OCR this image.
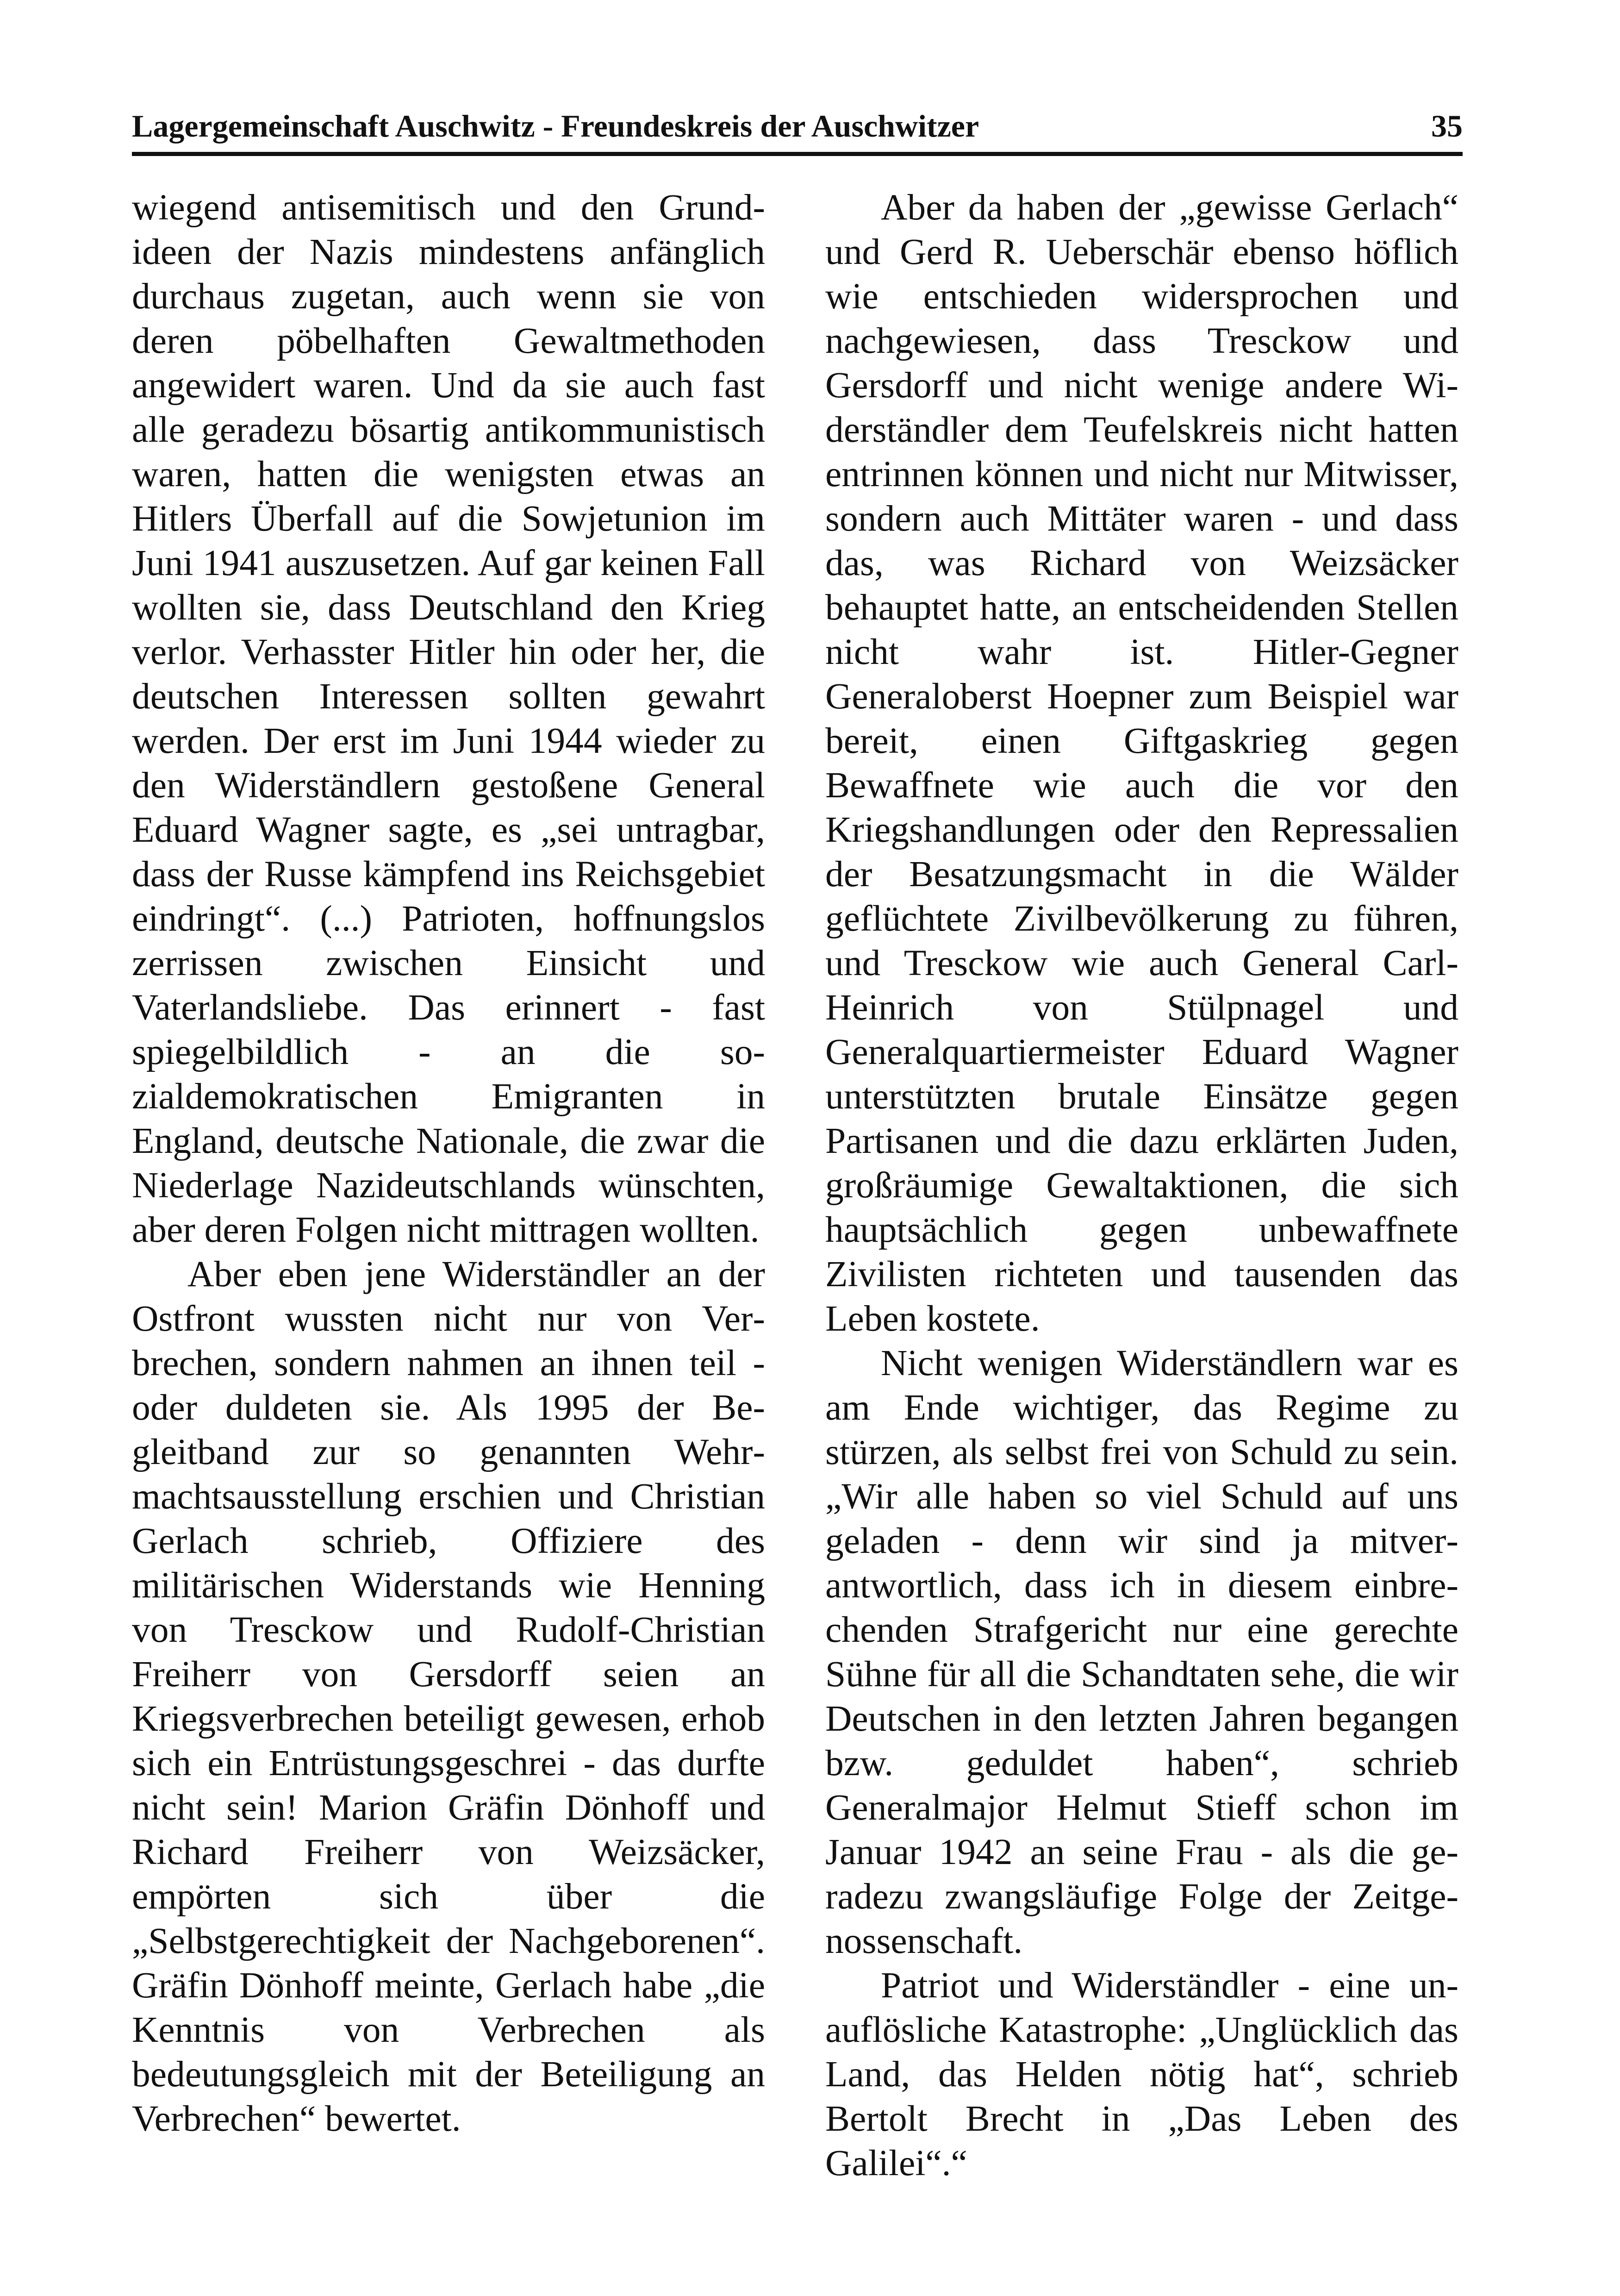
Lagergemeinschaft Auschwitz - Freundeskreis der Auschwitzer	35

wiegend antisemitisch und den Grundideen der Nazis mindestens anfänglich durchaus zugetan, auch wenn sie von deren pöbelhaften Gewaltmethoden angewidert waren. Und da sie auch fast alle geradezu bösartig antikommunistisch waren, hatten die wenigsten etwas an Hitlers Überfall auf die Sowjetunion im Juni 1941 auszusetzen. Auf gar keinen Fall wollten sie, dass Deutschland den Krieg verlor. Verhasster Hitler hin oder her, die deutschen Interessen sollten gewahrt werden. Der erst im Juni 1944 wieder zu den Widerständlern gestoßene General Eduard Wagner sagte, es „sei untragbar, dass der Russe kämpfend ins Reichsgebiet eindringt“. (...) Patrioten, hoffnungslos zerrissen zwischen Einsicht und Vaterlandsliebe. Das erinnert - fast spiegelbildlich - an die sozialdemokratischen Emigranten in England, deutsche Nationale, die zwar die Niederlage Nazideutschlands wünschten, aber deren Folgen nicht mittragen wollten.

Aber eben jene Widerständler an der Ostfront wussten nicht nur von Verbrechen, sondern nahmen an ihnen teil - oder duldeten sie. Als 1995 der Begleitband zur so genannten Wehrmachtsausstellung erschien und Christian Gerlach schrieb, Offiziere des militärischen Widerstands wie Henning von Tresckow und Rudolf-Christian Freiherr von Gersdorff seien an Kriegsverbrechen beteiligt gewesen, erhob sich ein Entrüstungsgeschrei - das durfte nicht sein! Marion Gräfin Dönhoff und Richard Freiherr von Weizsäcker, empörten sich über die „Selbstgerechtigkeit der Nachgeborenen“. Gräfin Dönhoff meinte, Gerlach habe „die Kenntnis von Verbrechen als bedeutungsgleich mit der Beteiligung an Verbrechen“ bewertet.

Aber da haben der „gewisse Gerlach“ und Gerd R. Ueberschär ebenso höflich wie entschieden widersprochen und nachgewiesen, dass Tresckow und Gersdorff und nicht wenige andere Widerständler dem Teufelskreis nicht hatten entrinnen können und nicht nur Mitwisser, sondern auch Mittäter waren - und dass das, was Richard von Weizsäcker behauptet hatte, an entscheidenden Stellen nicht wahr ist. Hitler-Gegner Generaloberst Hoepner zum Beispiel war bereit, einen Giftgaskrieg gegen Bewaffnete wie auch die vor den Kriegshandlungen oder den Repressalien der Besatzungsmacht in die Wälder geflüchtete Zivilbevölkerung zu führen, und Tresckow wie auch General Carl-Heinrich von Stülpnagel und Generalquartiermeister Eduard Wagner unterstützten brutale Einsätze gegen Partisanen und die dazu erklärten Juden, großräumige Gewaltaktionen, die sich hauptsächlich gegen unbewaffnete Zivilisten richteten und tausenden das Leben kostete.

Nicht wenigen Widerständlern war es am Ende wichtiger, das Regime zu stürzen, als selbst frei von Schuld zu sein. „Wir alle haben so viel Schuld auf uns geladen - denn wir sind ja mitverantwortlich, dass ich in diesem einbrechenden Strafgericht nur eine gerechte Sühne für all die Schandtaten sehe, die wir Deutschen in den letzten Jahren begangen bzw. geduldet haben“, schrieb Generalmajor Helmut Stieff schon im Januar 1942 an seine Frau - als die geradezu zwangsläufige Folge der Zeitgenossenschaft.

Patriot und Widerständler - eine unauflösliche Katastrophe: „Unglücklich das Land, das Helden nötig hat“, schrieb Bertolt Brecht in „Das Leben des Galilei“.“
